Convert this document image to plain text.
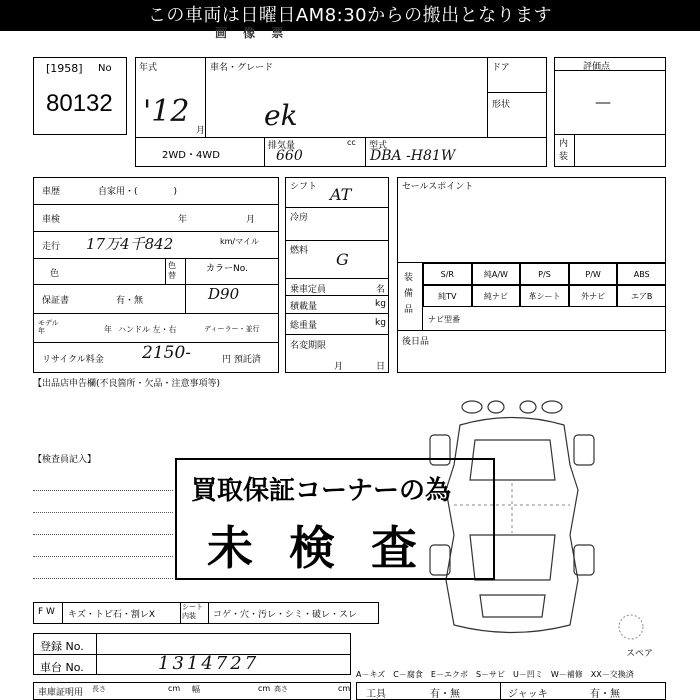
この車両は日曜日AM8:30からの搬出となります
画 像 票
[1958] No
80132
年式
'12
月
車名・グレード
ek
ドア
形状
2WD・4WD
排気量	cc
660
型式
DBA -H81W
評価点
—
内装
車歴	自家用・(　　　　)
車検	年	月
走行 17万4千842	km/マイル
色
色替
カラーNo.
D90
保証書	有・無
モデル年	年 ハンドル 左・右	ディーラー・並行
リサイクル料金 2150-	円 預託済
シフト AT
冷房
燃料 G
乗車定員	名
積載量	kg
総重量	kg
名変期限
月	日
セールスポイント
装備品
ナビ型番
後日品
【出品店申告欄(不良箇所・欠品・注意事項等)
【検査員記入】
スペア
買取保証コーナーの為
未 検 査
F W キズ・トビ石・割レX
シート内装	コゲ・穴・汚レ・シミ・破レ・スレ
登録 No.
車台 No.	1314727
車庫証明用 長さ	cm 幅	cm 高さ	cm
A－キズ　C－腐食　E－エクボ　S－サビ　U－凹ミ　W－補修　XX－交換済
工具	有・無	ジャッキ	有・無
S/R	純A/W	P/S	P/W	ABS
純TV	純ナビ	革シート	外ナビ	エアB
